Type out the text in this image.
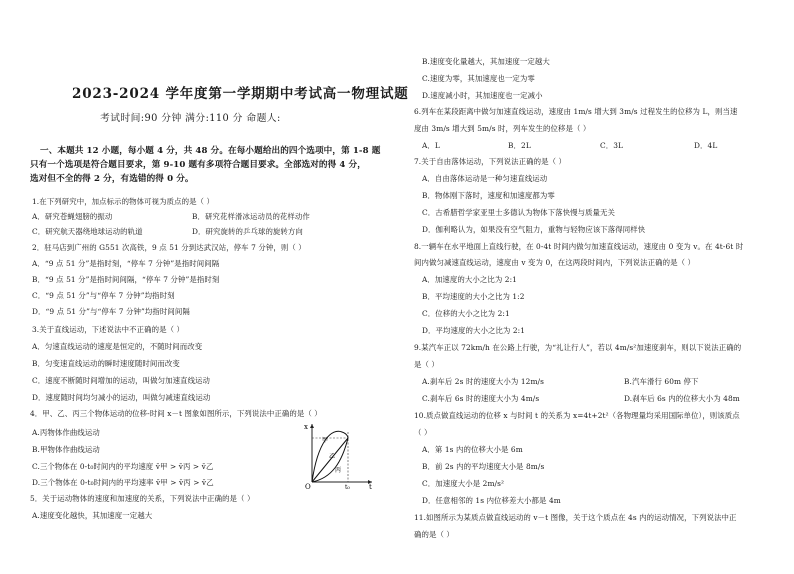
2023-2024 学年度第一学期期中考试高一物理试题
考试时间:90 分钟 满分:110 分 命题人:
一、本题共 12 小题，每小题 4 分，共 48 分。在每小题给出的四个选项中，第 1-8 题
只有一个选项是符合题目要求，第 9-10 题有多项符合题目要求。全部选对的得 4 分，
选对但不全的得 2 分，有选错的得 0 分。
1.在下列研究中，加点标示的物体可视为质点的是（ ）
A．研究苍蝇翅膀的振动	B．研究花样滑冰运动员的花样动作
C．研究航天器绕地球运动的轨道	D．研究旋转的乒乓球的旋转方向
2．驻马店到广州的 G551 次高铁，9 点 51 分到达武汉站，停车 7 分钟，则（ ）
A．“9 点 51 分”是指时刻，“停车 7 分钟”是指时间间隔
B．“9 点 51 分”是指时间间隔，“停车 7 分钟”是指时刻
C．“9 点 51 分”与“停车 7 分钟”均指时刻
D．“9 点 51 分”与“停车 7 分钟”均指时间间隔
3.关于直线运动，下述说法中不正确的是（ ）
A．匀速直线运动的速度是恒定的，不随时间而改变
B．匀变速直线运动的瞬时速度随时间而改变
C．速度不断随时间增加的运动，叫做匀加速直线运动
D．速度随时间均匀减小的运动，叫做匀减速直线运动
4．甲、乙、丙三个物体运动的位移-时间 x－t 图象如图所示，下列说法中正确的是（ ）
A.丙物体作曲线运动
B.甲物体作曲线运动
C.三个物体在 0-t₀时间内的平均速度 v̄甲 > v̄丙 > v̄乙
D.三个物体在 0-t₀时间内的平均速率 v̄甲 > v̄丙 > v̄乙
5．关于运动物体的速度和加速度的关系，下列说法中正确的是（ ）
A.速度变化越快，其加速度一定越大
x
t
O	t₀
甲
乙
丙
B.速度变化量越大，其加速度一定越大
C.速度为零，其加速度也一定为零
D.速度减小时，其加速度也一定减小
6.列车在某段距离中做匀加速直线运动，速度由 1m/s 增大到 3m/s 过程发生的位移为 L，则当速
度由 3m/s 增大到 5m/s 时，列车发生的位移是（ ）
A．L	B．2L	C．3L	D．4L
7.关于自由落体运动，下列说法正确的是（ ）
A．自由落体运动是一种匀速直线运动
B．物体刚下落时，速度和加速度都为零
C．古希腊哲学家亚里士多德认为物体下落快慢与质量无关
D．伽利略认为，如果没有空气阻力，重物与轻物应该下落得同样快
8.一辆车在水平地面上直线行驶，在 0-4t 时间内做匀加速直线运动，速度由 0 变为 v。在 4t-6t 时
间内做匀减速直线运动，速度由 v 变为 0，在这两段时间内，下列说法正确的是（ ）
A．加速度的大小之比为 2:1
B．平均速度的大小之比为 1:2
C．位移的大小之比为 2:1
D．平均速度的大小之比为 2:1
9.某汽车正以 72km/h 在公路上行驶，为“礼让行人”，若以 4m/s²加速度刹车，则以下说法正确的
是（ ）
A.刹车后 2s 时的速度大小为 12m/s	B.汽车滑行 60m 停下
C.刹车后 6s 时的速度大小为 4m/s	D.刹车后 6s 内的位移大小为 48m
10.质点做直线运动的位移 x 与时间 t 的关系为 x=4t+2t²（各物理量均采用国际单位），则该质点
（ ）
A．第 1s 内的位移大小是 6m
B．前 2s 内的平均速度大小是 8m/s
C．加速度大小是 2m/s²
D．任意相邻的 1s 内位移差大小都是 4m
11.如图所示为某质点做直线运动的 v－t 图像，关于这个质点在 4s 内的运动情况，下列说法中正
确的是（ ）
